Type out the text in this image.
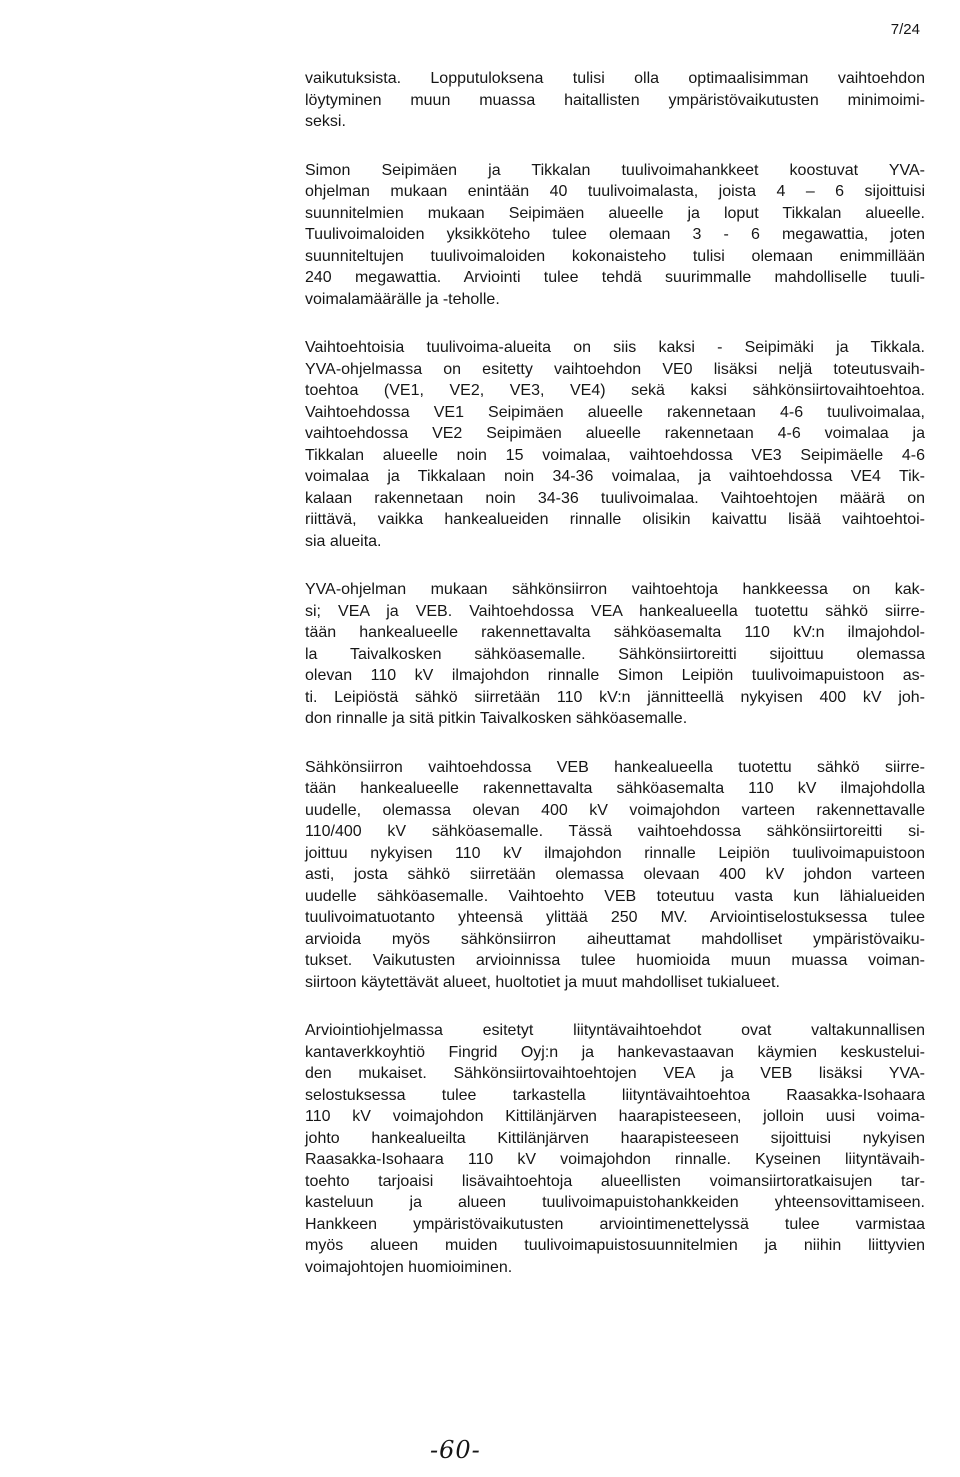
7/24
vaikutuksista. Lopputuloksena tulisi olla optimaalisimman vaihtoehdon
löytyminen muun muassa haitallisten ympäristövaikutusten minimoimi-
seksi.
Simon Seipimäen ja Tikkalan tuulivoimahankkeet koostuvat YVA-
ohjelman mukaan enintään 40 tuulivoimalasta, joista 4 – 6 sijoittuisi
suunnitelmien mukaan Seipimäen alueelle ja loput Tikkalan alueelle.
Tuulivoimaloiden yksikköteho tulee olemaan 3 - 6 megawattia, joten
suunniteltujen tuulivoimaloiden kokonaisteho tulisi olemaan enimmillään
240 megawattia. Arviointi tulee tehdä suurimmalle mahdolliselle tuuli-
voimalamäärälle ja -teholle.
Vaihtoehtoisia tuulivoima-alueita on siis kaksi - Seipimäki ja Tikkala.
YVA-ohjelmassa on esitetty vaihtoehdon VE0 lisäksi neljä toteutusvaih-
toehtoa (VE1, VE2, VE3, VE4) sekä kaksi sähkönsiirtovaihtoehtoa.
Vaihtoehdossa VE1 Seipimäen alueelle rakennetaan 4-6 tuulivoimalaa,
vaihtoehdossa VE2 Seipimäen alueelle rakennetaan 4-6 voimalaa ja
Tikkalan alueelle noin 15 voimalaa, vaihtoehdossa VE3 Seipimäelle 4-6
voimalaa ja Tikkalaan noin 34-36 voimalaa, ja vaihtoehdossa VE4 Tik-
kalaan rakennetaan noin 34-36 tuulivoimalaa. Vaihtoehtojen määrä on
riittävä, vaikka hankealueiden rinnalle olisikin kaivattu lisää vaihtoehtoi-
sia alueita.
YVA-ohjelman mukaan sähkönsiirron vaihtoehtoja hankkeessa on kak-
si; VEA ja VEB. Vaihtoehdossa VEA hankealueella tuotettu sähkö siirre-
tään hankealueelle rakennettavalta sähköasemalta 110 kV:n ilmajohdol-
la Taivalkosken sähköasemalle. Sähkönsiirtoreitti sijoittuu olemassa
olevan 110 kV ilmajohdon rinnalle Simon Leipiön tuulivoimapuistoon as-
ti. Leipiöstä sähkö siirretään 110 kV:n jännitteellä nykyisen 400 kV joh-
don rinnalle ja sitä pitkin Taivalkosken sähköasemalle.
Sähkönsiirron vaihtoehdossa VEB hankealueella tuotettu sähkö siirre-
tään hankealueelle rakennettavalta sähköasemalta 110 kV ilmajohdolla
uudelle, olemassa olevan 400 kV voimajohdon varteen rakennettavalle
110/400 kV sähköasemalle. Tässä vaihtoehdossa sähkönsiirtoreitti si-
joittuu nykyisen 110 kV ilmajohdon rinnalle Leipiön tuulivoimapuistoon
asti, josta sähkö siirretään olemassa olevaan 400 kV johdon varteen
uudelle sähköasemalle. Vaihtoehto VEB toteutuu vasta kun lähialueiden
tuulivoimatuotanto yhteensä ylittää 250 MV. Arviointiselostuksessa tulee
arvioida myös sähkönsiirron aiheuttamat mahdolliset ympäristövaiku-
tukset. Vaikutusten arvioinnissa tulee huomioida muun muassa voiman-
siirtoon käytettävät alueet, huoltotiet ja muut mahdolliset tukialueet.
Arviointiohjelmassa esitetyt liityntävaihtoehdot ovat valtakunnallisen
kantaverkkoyhtiö Fingrid Oyj:n ja hankevastaavan käymien keskustelui-
den mukaiset. Sähkönsiirtovaihtoehtojen VEA ja VEB lisäksi YVA-
selostuksessa tulee tarkastella liityntävaihtoehtoa Raasakka-Isohaara
110 kV voimajohdon Kittilänjärven haarapisteeseen, jolloin uusi voima-
johto hankealueilta Kittilänjärven haarapisteeseen sijoittuisi nykyisen
Raasakka-Isohaara 110 kV voimajohdon rinnalle. Kyseinen liityntävaih-
toehto tarjoaisi lisävaihtoehtoja alueellisten voimansiirtoratkaisujen tar-
kasteluun ja alueen tuulivoimapuistohankkeiden yhteensovittamiseen.
Hankkeen ympäristövaikutusten arviointimenettelyssä tulee varmistaa
myös alueen muiden tuulivoimapuistosuunnitelmien ja niihin liittyvien
voimajohtojen huomioiminen.
-60-
